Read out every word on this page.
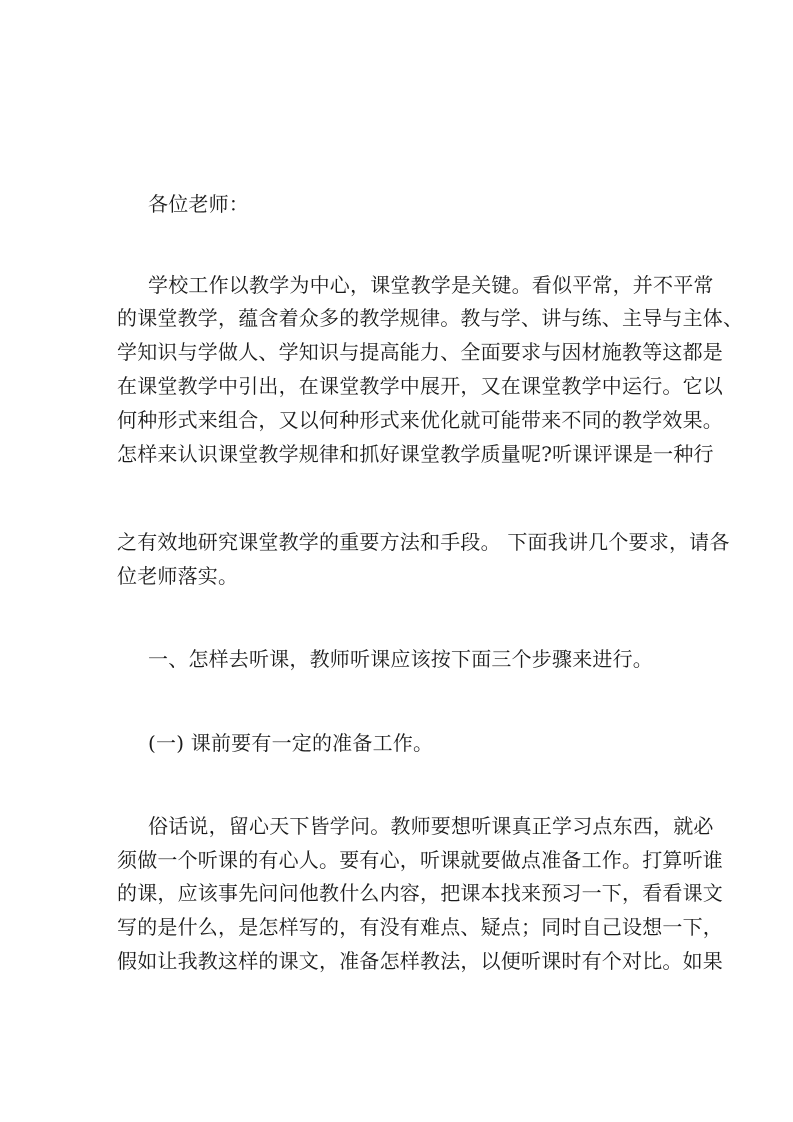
各位老师：
学校工作以教学为中心，课堂教学是关键。看似平常，并不平常
的课堂教学，蕴含着众多的教学规律。教与学、讲与练、主导与主体、
学知识与学做人、学知识与提高能力、全面要求与因材施教等这都是
在课堂教学中引出，在课堂教学中展开，又在课堂教学中运行。它以
何种形式来组合，又以何种形式来优化就可能带来不同的教学效果。
怎样来认识课堂教学规律和抓好课堂教学质量呢?听课评课是一种行
之有效地研究课堂教学的重要方法和手段。 下面我讲几个要求，请各
位老师落实。
一、怎样去听课，教师听课应该按下面三个步骤来进行。
(一) 课前要有一定的准备工作。
俗话说，留心天下皆学问。教师要想听课真正学习点东西，就必
须做一个听课的有心人。要有心，听课就要做点准备工作。打算听谁
的课，应该事先问问他教什么内容，把课本找来预习一下，看看课文
写的是什么，是怎样写的，有没有难点、疑点；同时自己设想一下，
假如让我教这样的课文，准备怎样教法，以便听课时有个对比。如果
